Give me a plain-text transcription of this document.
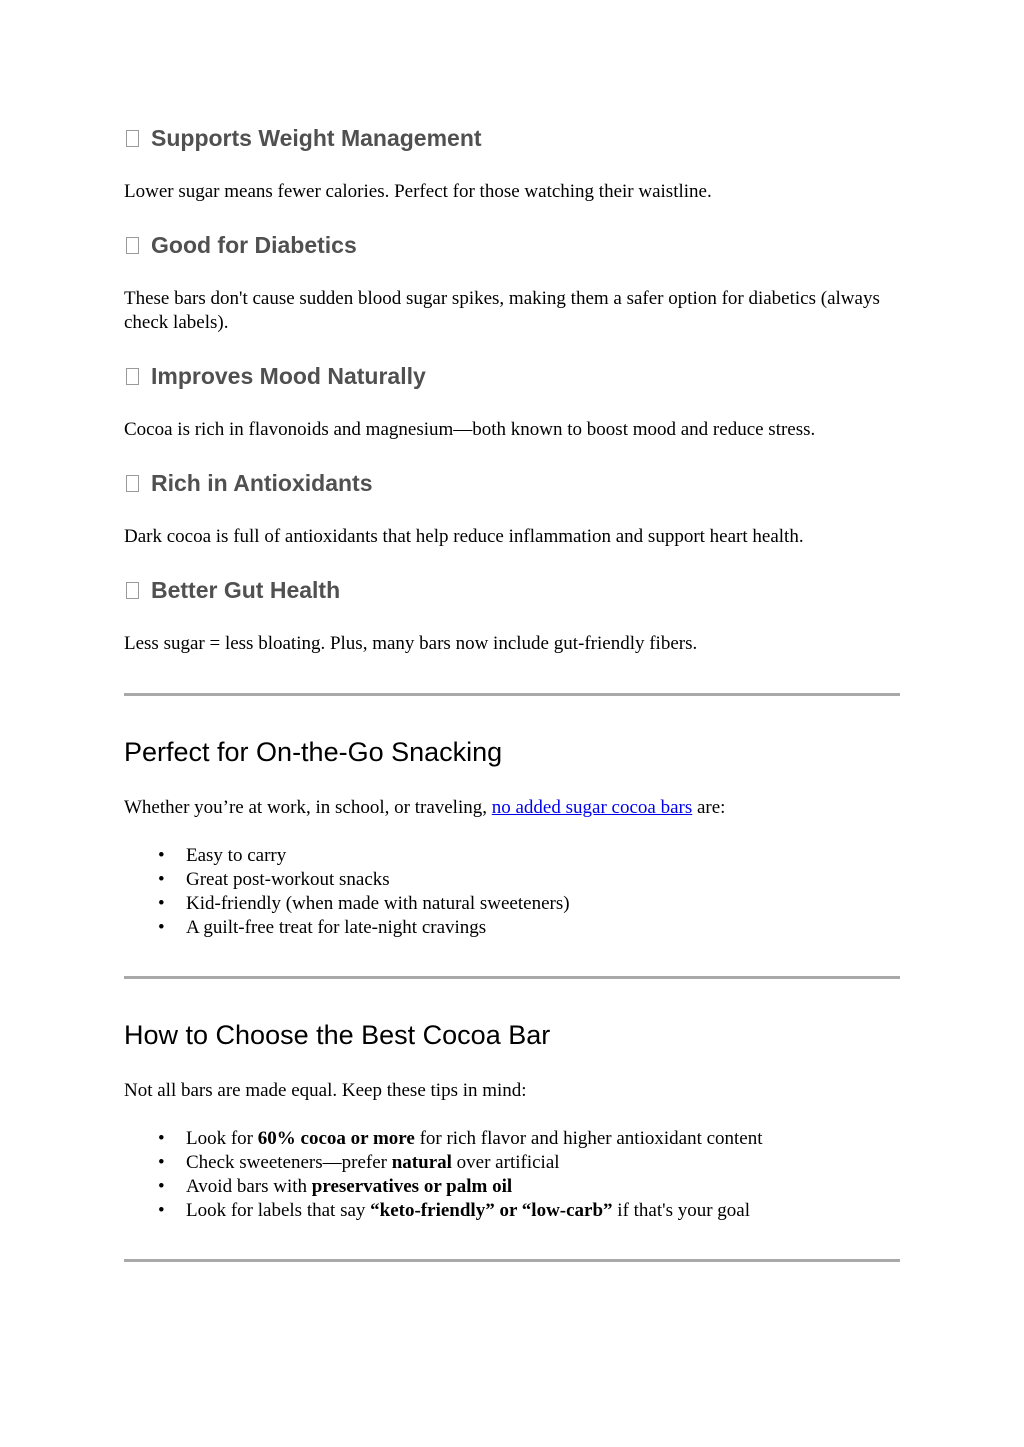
Supports Weight Management

Lower sugar means fewer calories. Perfect for those watching their waistline.

Good for Diabetics

These bars don't cause sudden blood sugar spikes, making them a safer option for diabetics (always check labels).

Improves Mood Naturally

Cocoa is rich in flavonoids and magnesium—both known to boost mood and reduce stress.

Rich in Antioxidants

Dark cocoa is full of antioxidants that help reduce inflammation and support heart health.

Better Gut Health

Less sugar = less bloating. Plus, many bars now include gut-friendly fibers.

Perfect for On-the-Go Snacking

Whether you’re at work, in school, or traveling, no added sugar cocoa bars are:

• Easy to carry
• Great post-workout snacks
• Kid-friendly (when made with natural sweeteners)
• A guilt-free treat for late-night cravings
How to Choose the Best Cocoa Bar

Not all bars are made equal. Keep these tips in mind:

• Look for 60% cocoa or more for rich flavor and higher antioxidant content
• Check sweeteners—prefer natural over artificial
• Avoid bars with preservatives or palm oil
• Look for labels that say “keto-friendly” or “low-carb” if that's your goal
